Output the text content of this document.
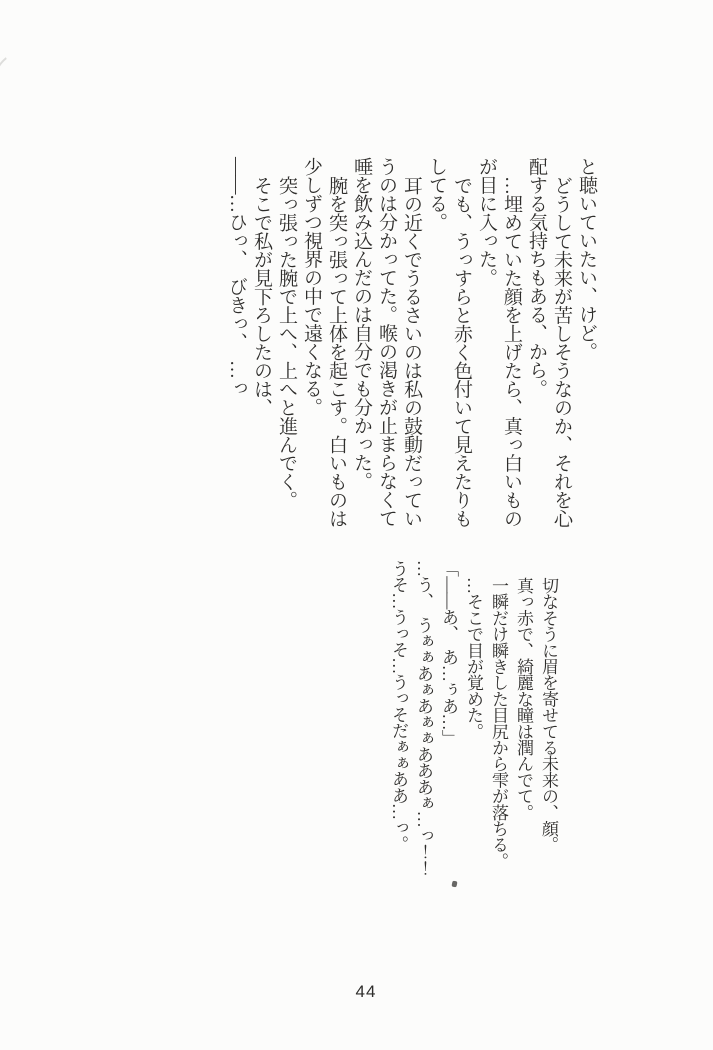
と聴いていたい、けど。

どうして未来が苦しそうなのか、それを心

配する気持ちもある、から。

…埋めていた顔を上げたら、真っ白いもの

が目に入った。

でも、うっすらと赤く色付いて見えたりも

してる。

耳の近くでうるさいのは私の鼓動だってい

うのは分かってた。喉の渇きが止まらなくて

唾を飲み込んだのは自分でも分かった。

腕を突っ張って上体を起こす。白いものは

少しずつ視界の中で遠くなる。

突っ張った腕で上へ、上へと進んでく。

そこで私が見下ろしたのは、

――…ひっ、　びきっ、　…っ

切なそうに眉を寄せてる未来の、顔。

真っ赤で、綺麗な瞳は潤んでて。

一瞬だけ瞬きした目尻から雫が落ちる。

…そこで目が覚めた。

「――あ、　あ…ぅあ…」

…う、　うぁぁあぁあぁぁあああぁ…っ！！

うそ…うっそ…うっそだぁぁああ…っ。

44
